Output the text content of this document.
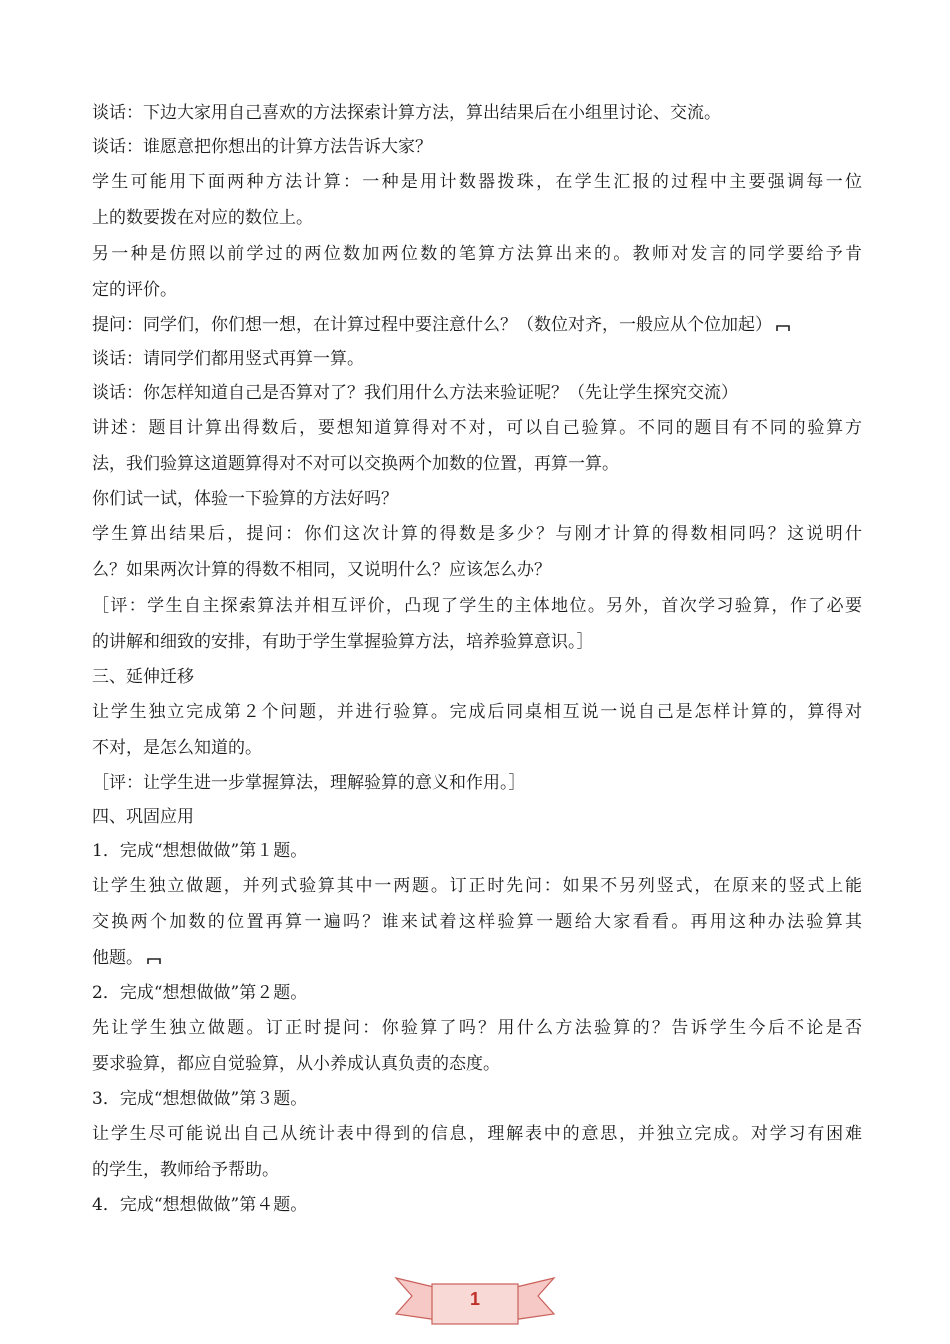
谈话：下边大家用自己喜欢的方法探索计算方法，算出结果后在小组里讨论、交流。
谈话：谁愿意把你想出的计算方法告诉大家？
学生可能用下面两种方法计算：一种是用计数器拨珠，在学生汇报的过程中主要强调每一位
上的数要拨在对应的数位上。
另一种是仿照以前学过的两位数加两位数的笔算方法算出来的。教师对发言的同学要给予肯
定的评价。
提问：同学们，你们想一想，在计算过程中要注意什么？（数位对齐，一般应从个位加起）
谈话：请同学们都用竖式再算一算。
谈话：你怎样知道自己是否算对了？我们用什么方法来验证呢？（先让学生探究交流）
讲述：题目计算出得数后，要想知道算得对不对，可以自己验算。不同的题目有不同的验算方
法，我们验算这道题算得对不对可以交换两个加数的位置，再算一算。
你们试一试，体验一下验算的方法好吗？
学生算出结果后，提问：你们这次计算的得数是多少？与刚才计算的得数相同吗？这说明什
么？如果两次计算的得数不相同，又说明什么？应该怎么办？
［评：学生自主探索算法并相互评价，凸现了学生的主体地位。另外，首次学习验算，作了必要
的讲解和细致的安排，有助于学生掌握验算方法，培养验算意识。］
三、延伸迁移
让学生独立完成第２个问题，并进行验算。完成后同桌相互说一说自己是怎样计算的，算得对
不对，是怎么知道的。
［评：让学生进一步掌握算法，理解验算的意义和作用。］
四、巩固应用
1．完成“想想做做”第１题。
让学生独立做题，并列式验算其中一两题。订正时先问：如果不另列竖式，在原来的竖式上能
交换两个加数的位置再算一遍吗？谁来试着这样验算一题给大家看看。再用这种办法验算其
他题。
2．完成“想想做做”第２题。
先让学生独立做题。订正时提问：你验算了吗？用什么方法验算的？告诉学生今后不论是否
要求验算，都应自觉验算，从小养成认真负责的态度。
3．完成“想想做做”第３题。
让学生尽可能说出自己从统计表中得到的信息，理解表中的意思，并独立完成。对学习有困难
的学生，教师给予帮助。
4．完成“想想做做”第４题。
1
